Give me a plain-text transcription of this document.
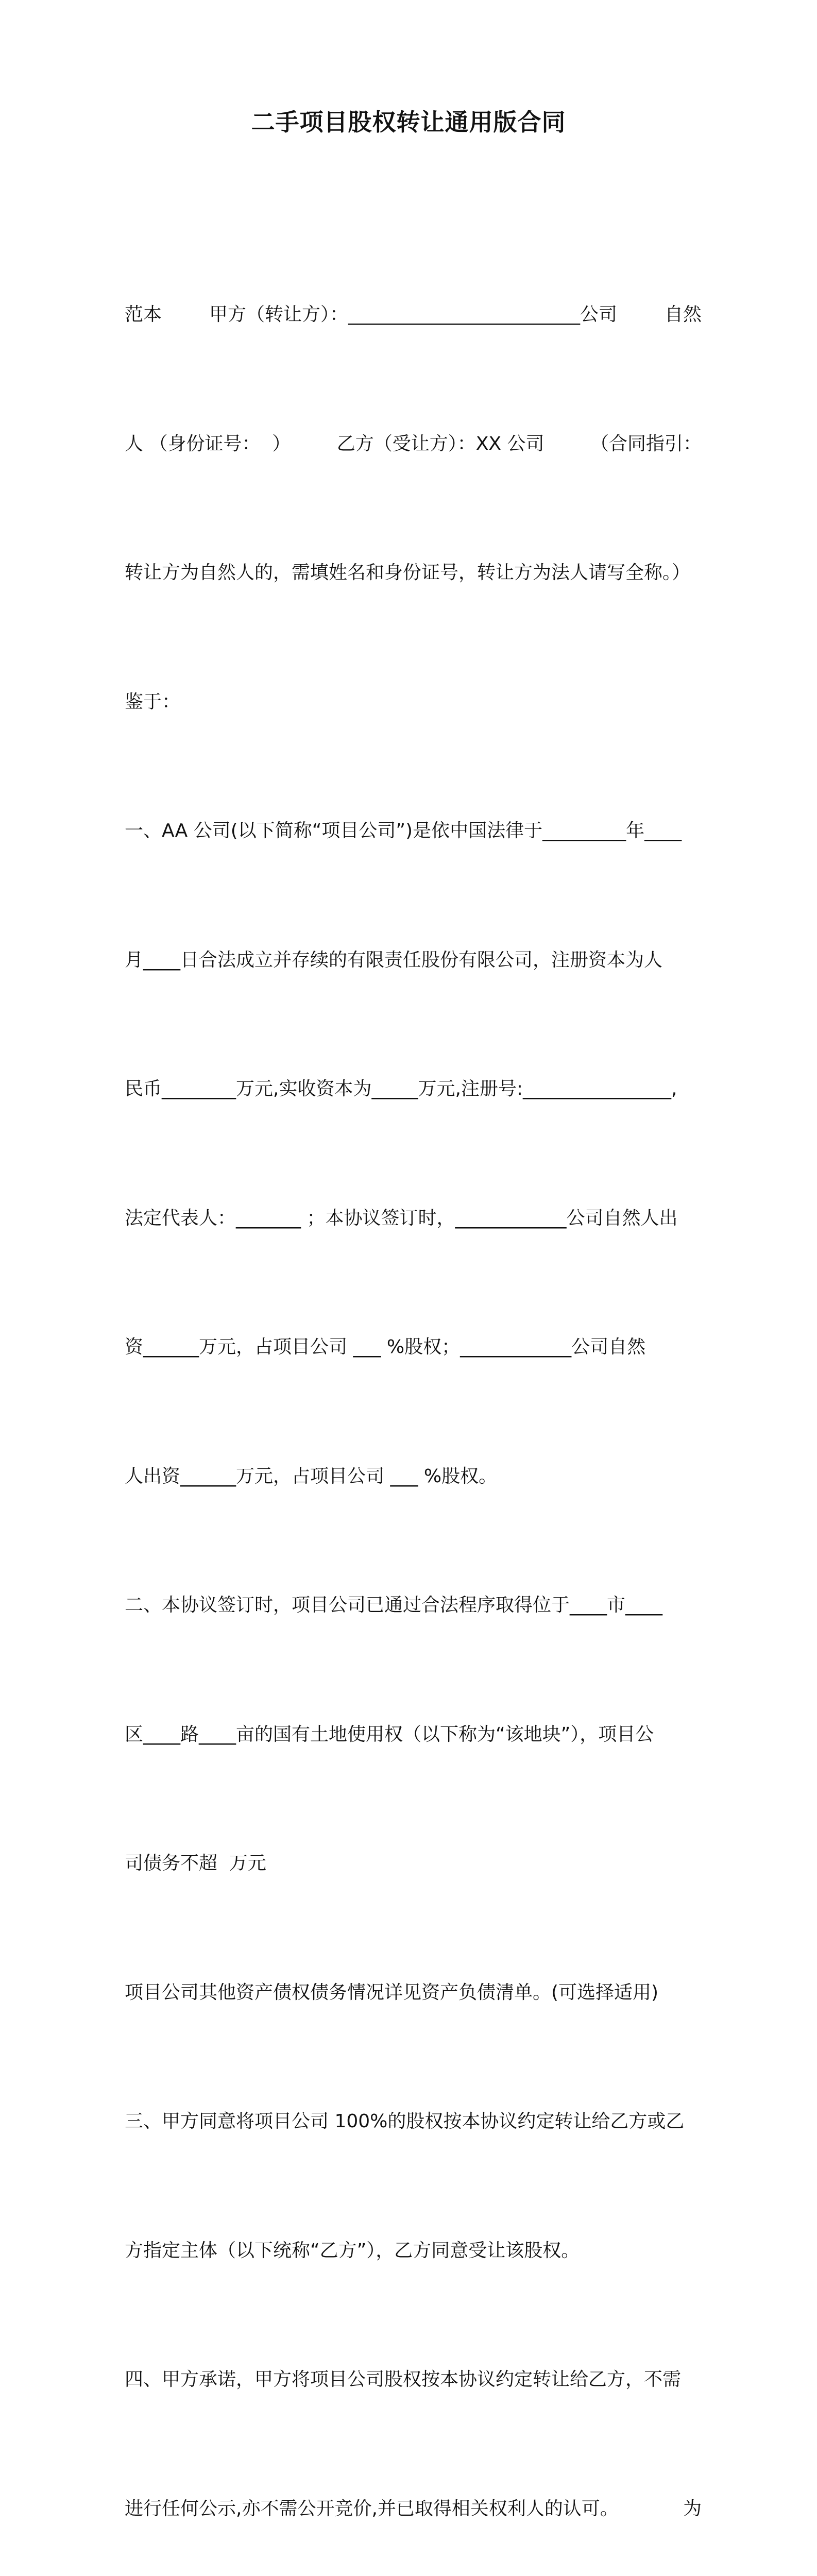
二手项目股权转让通用版合同

范本	甲方（转让方）：_________________________公司	自然

人 （身份证号：  ） 乙方（受让方）：XX 公司 （合同指引：

转让方为自然人的，需填姓名和身份证号，转让方为法人请写全称。）

鉴于：

一、AA 公司(以下简称“项目公司”)是依中国法律于_________年____

月____日合法成立并存续的有限责任股份有限公司，注册资本为人

民币________万元,实收资本为_____万元,注册号:________________,

法定代表人：_______ ；本协议签订时，____________公司自然人出

资______万元，占项目公司 ___ %股权；____________公司自然

人出资______万元，占项目公司 ___ %股权。

二、本协议签订时，项目公司已通过合法程序取得位于____市____

区____路____亩的国有土地使用权（以下称为“该地块”），项目公

司债务不超  万元

项目公司其他资产债权债务情况详见资产负债清单。(可选择适用)

三、甲方同意将项目公司 100%的股权按本协议约定转让给乙方或乙

方指定主体（以下统称“乙方”），乙方同意受让该股权。

四、甲方承诺，甲方将项目公司股权按本协议约定转让给乙方，不需

进行任何公示,亦不需公开竞价,并已取得相关权利人的认可。	为
